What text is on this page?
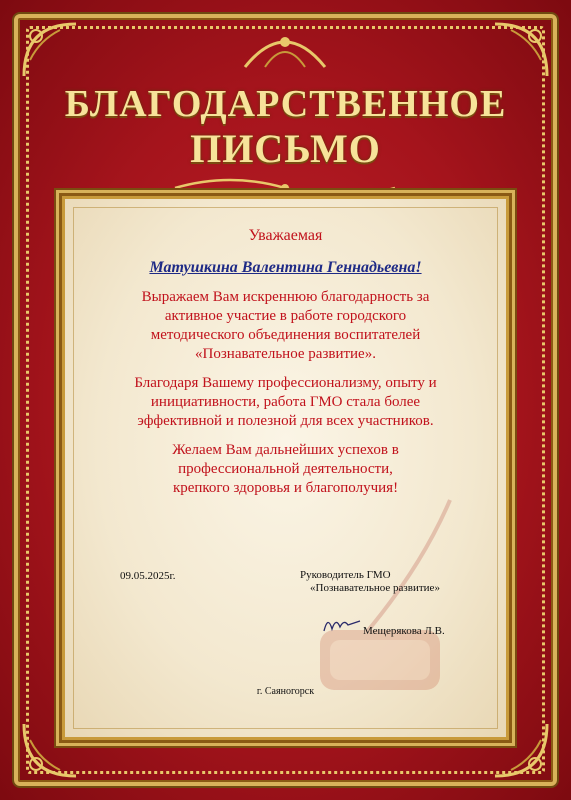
БЛАГОДАРСТВЕННОЕ
ПИСЬМО

Уважаемая

Матушкина Валентина Геннадьевна!

Выражаем Вам искреннюю благодарность за активное участие в работе городского методического объединения воспитателей «Познавательное развитие».

Благодаря Вашему профессионализму, опыту и инициативности, работа ГМО стала более эффективной и полезной для всех участников.

Желаем Вам дальнейших успехов в профессиональной деятельности, крепкого здоровья и благополучия!

09.05.2025г.	Руководитель ГМО
«Познавательное развитие»
Мещерякова Л.В.
г. Саяногорск
